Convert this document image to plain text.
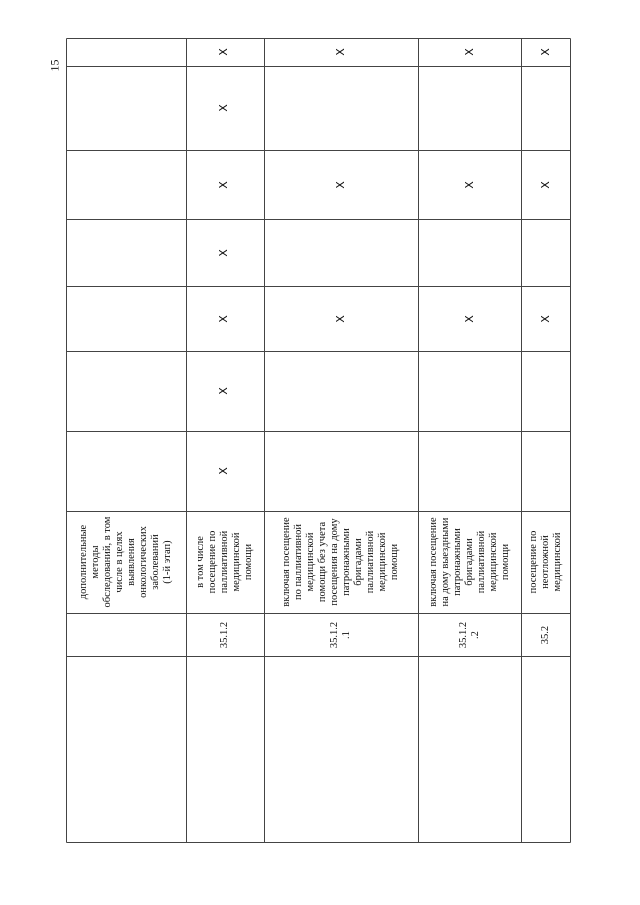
15
дополнительные
методы
обследований, в том
числе в целях
выявления
онкологических
заболеваний
(1-й этап)
в том числе
посещение по
паллиативной
медицинской
помощи
35.1.2
X
X
X
X
X
X
X
включая посещение
по паллиативной
медицинской
помощи без учета
посещения на дому
патронажными
бригадами
паллиативной
медицинской
помощи
35.1.2
.1
X
X
X
включая посещение
на дому выездными
патронажными
бригадами
паллиативной
медицинской
помощи
35.1.2
.2
X
X
X
посещение по
неотложной
медицинской
35.2
X
X
X
